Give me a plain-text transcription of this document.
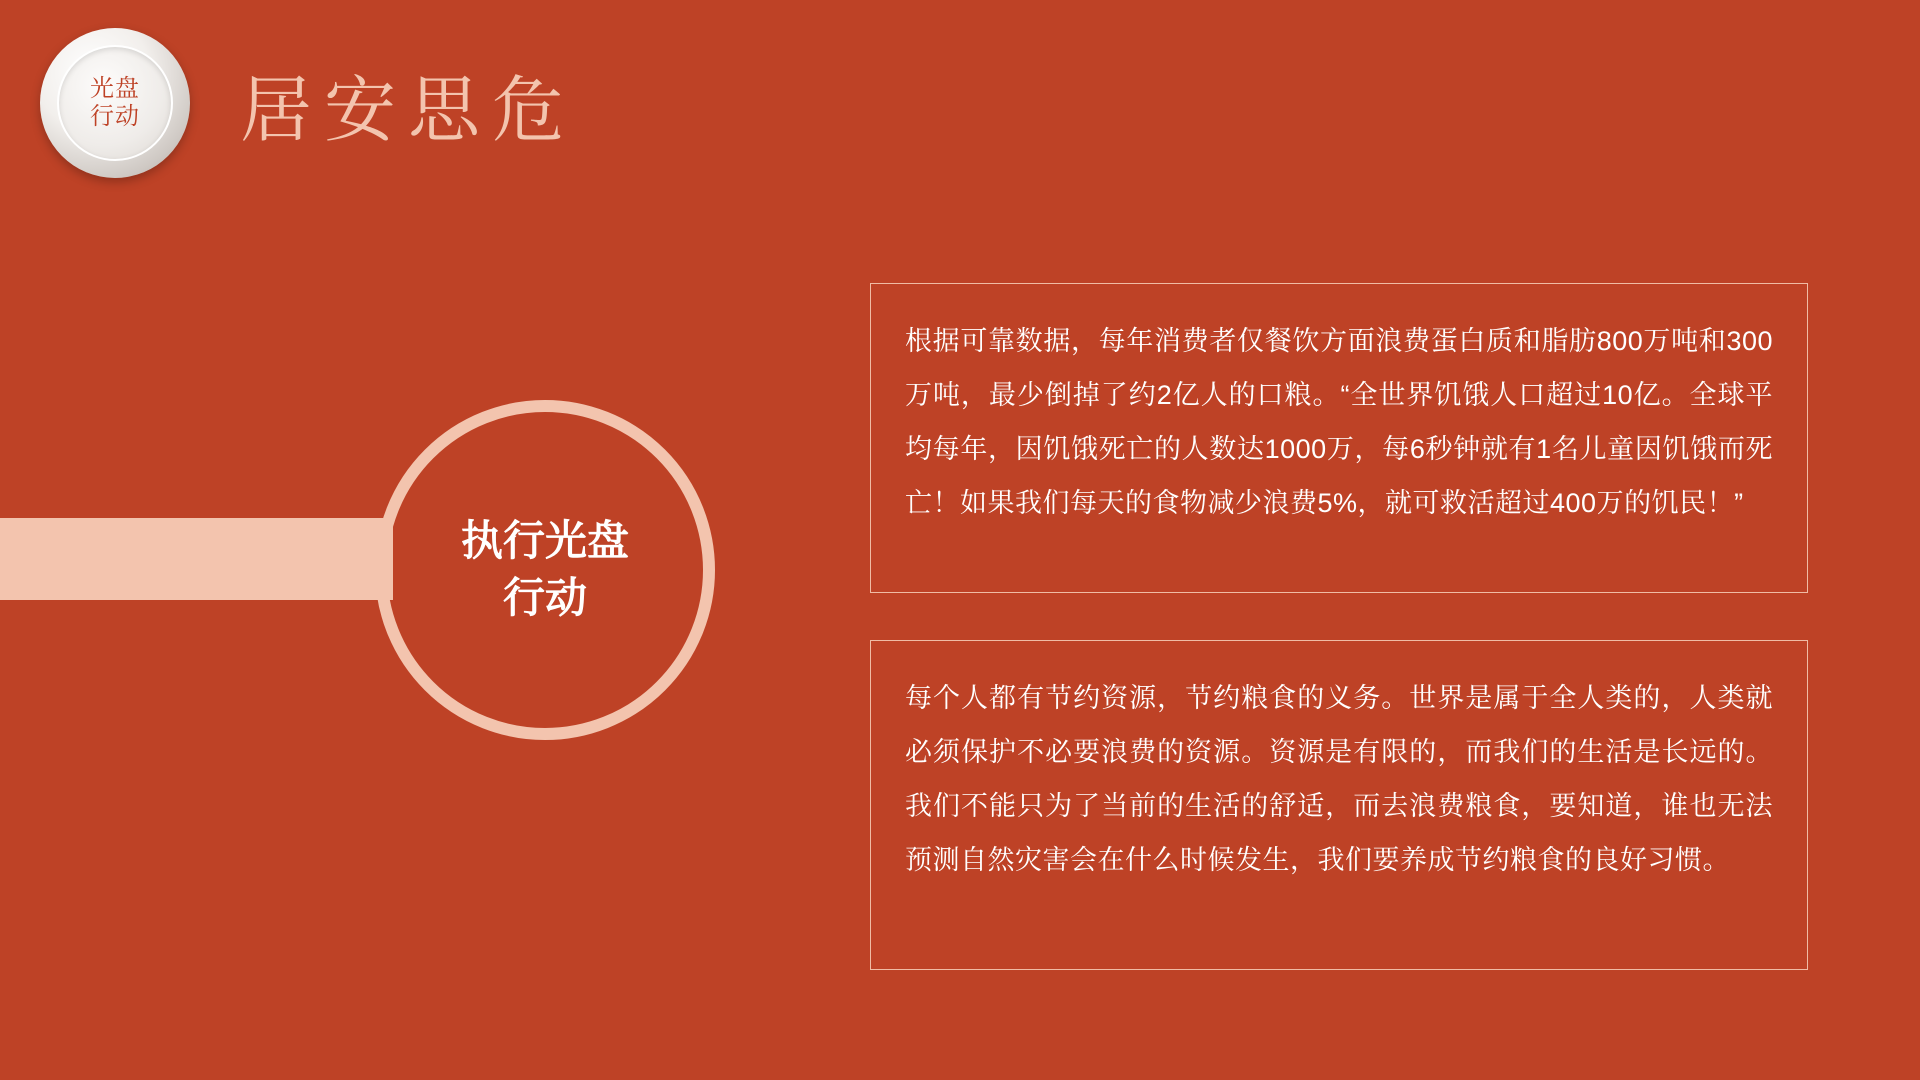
光盘
行动 居安思危
执行光盘
行动
根据可靠数据，每年消费者仅餐饮方面浪费蛋白质和脂肪800万吨和300万吨，最少倒掉了约2亿人的口粮。“全世界饥饿人口超过10亿。全球平均每年，因饥饿死亡的人数达1000万，每6秒钟就有1名儿童因饥饿而死亡！如果我们每天的食物减少浪费5%，就可救活超过400万的饥民！”
每个人都有节约资源，节约粮食的义务。世界是属于全人类的，人类就必须保护不必要浪费的资源。资源是有限的，而我们的生活是长远的。我们不能只为了当前的生活的舒适，而去浪费粮食，要知道，谁也无法预测自然灾害会在什么时候发生，我们要养成节约粮食的良好习惯。
